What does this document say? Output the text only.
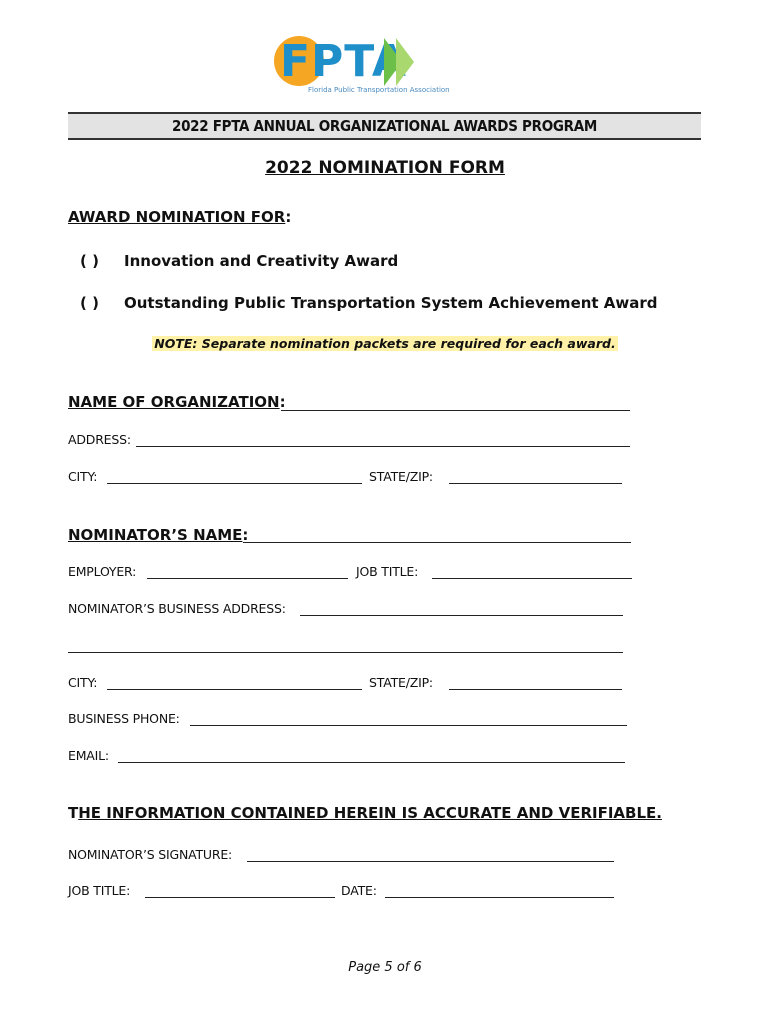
FPTA
Florida Public Transportation Association
2022 FPTA ANNUAL ORGANIZATIONAL AWARDS PROGRAM
2022 NOMINATION FORM
AWARD NOMINATION FOR:
( ) Innovation and Creativity Award
( ) Outstanding Public Transportation System Achievement Award
NOTE: Separate nomination packets are required for each award.
NAME OF ORGANIZATION:
ADDRESS:
CITY:	STATE/ZIP:
NOMINATOR’S NAME:
EMPLOYER:	JOB TITLE:
NOMINATOR’S BUSINESS ADDRESS:
CITY:	STATE/ZIP:
BUSINESS PHONE:
EMAIL:
THE INFORMATION CONTAINED HEREIN IS ACCURATE AND VERIFIABLE.
NOMINATOR’S SIGNATURE:
JOB TITLE:	DATE:
Page 5 of 6
